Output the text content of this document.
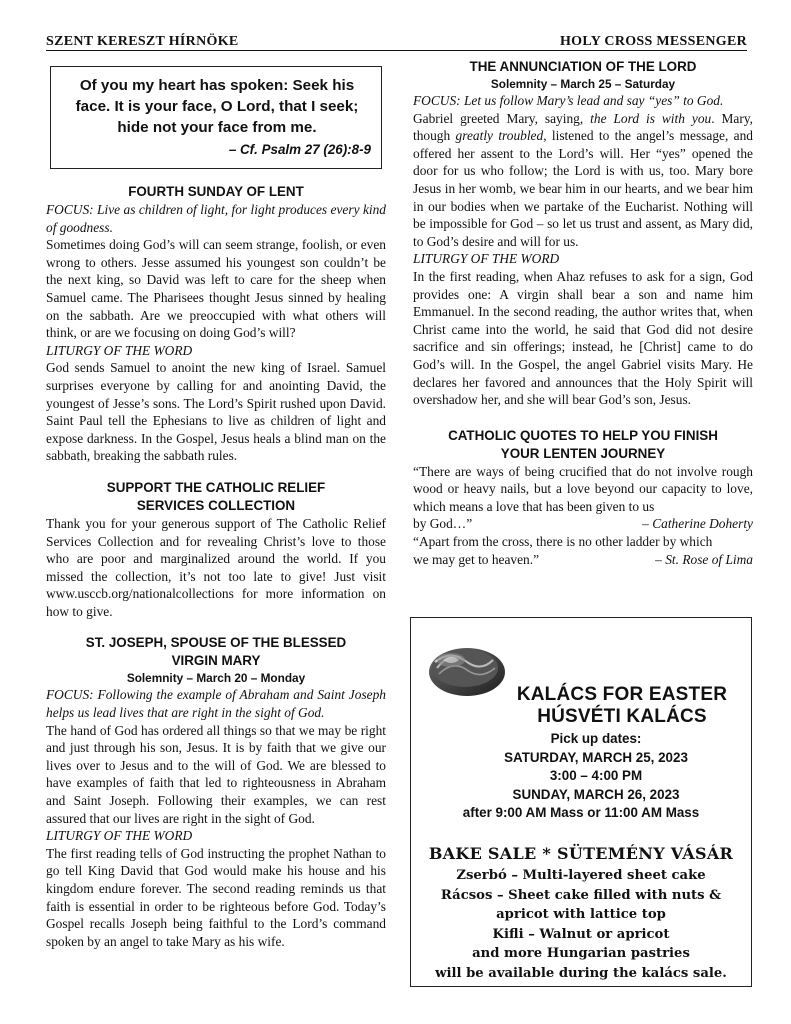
SZENT KERESZT HÍRNÖKE	HOLY CROSS MESSENGER
Of you my heart has spoken: Seek his
face. It is your face, O Lord, that I seek;
hide not your face from me.
– Cf. Psalm 27 (26):8-9
FOURTH SUNDAY OF LENT

FOCUS: Live as children of light, for light produces every kind of goodness.

Sometimes doing God’s will can seem strange, foolish, or even wrong to others. Jesse assumed his youngest son couldn’t be the next king, so David was left to care for the sheep when Samuel came. The Pharisees thought Jesus sinned by healing on the sabbath. Are we preoccupied with what others will think, or are we focusing on doing God’s will?

LITURGY OF THE WORD

God sends Samuel to anoint the new king of Israel. Samuel surprises everyone by calling for and anointing David, the youngest of Jesse’s sons. The Lord’s Spirit rushed upon David. Saint Paul tell the Ephesians to live as children of light and expose darkness. In the Gospel, Jesus heals a blind man on the sabbath, breaking the sabbath rules.

SUPPORT THE CATHOLIC RELIEF
SERVICES COLLECTION

Thank you for your generous support of The Catholic Relief Services Collection and for revealing Christ’s love to those who are poor and marginalized around the world. If you missed the collection, it’s not too late to give! Just visit www.usccb.org/nationalcollections for more information on how to give.

ST. JOSEPH, SPOUSE OF THE BLESSED
VIRGIN MARY
Solemnity – March 20 – Monday

FOCUS: Following the example of Abraham and Saint Joseph helps us lead lives that are right in the sight of God.

The hand of God has ordered all things so that we may be right and just through his son, Jesus. It is by faith that we give our lives over to Jesus and to the will of God. We are blessed to have examples of faith that led to righteousness in Abraham and Saint Joseph. Following their examples, we can rest assured that our lives are right in the sight of God.

LITURGY OF THE WORD

The first reading tells of God instructing the prophet Nathan to go tell King David that God would make his house and his kingdom endure forever. The second reading reminds us that faith is essential in order to be righteous before God. Today’s Gospel recalls Joseph being faithful to the Lord’s command spoken by an angel to take Mary as his wife.

THE ANNUNCIATION OF THE LORD
Solemnity – March 25 – Saturday

FOCUS: Let us follow Mary’s lead and say “yes” to God.

Gabriel greeted Mary, saying, the Lord is with you. Mary, though greatly troubled, listened to the angel’s message, and offered her assent to the Lord’s will. Her “yes” opened the door for us who follow; the Lord is with us, too. Mary bore Jesus in her womb, we bear him in our hearts, and we bear him in our bodies when we partake of the Eucharist. Nothing will be impossible for God – so let us trust and assent, as Mary did, to God’s desire and will for us.

LITURGY OF THE WORD

In the first reading, when Ahaz refuses to ask for a sign, God provides one: A virgin shall bear a son and name him Emmanuel. In the second reading, the author writes that, when Christ came into the world, he said that God did not desire sacrifice and sin offerings; instead, he [Christ] came to do God’s will. In the Gospel, the angel Gabriel visits Mary. He declares her favored and announces that the Holy Spirit will overshadow her, and she will bear God’s son, Jesus.

CATHOLIC QUOTES TO HELP YOU FINISH
YOUR LENTEN JOURNEY

“There are ways of being crucified that do not involve rough wood or heavy nails, but a love beyond our capacity to love, which means a love that has been given to us

by God…”	– Catherine Doherty

“Apart from the cross, there is no other ladder by which

we may get to heaven.”	– St. Rose of Lima
KALÁCS FOR EASTER
HÚSVÉTI KALÁCS
Pick up dates:
SATURDAY, MARCH 25, 2023
3:00 – 4:00 PM
SUNDAY, MARCH 26, 2023
after 9:00 AM Mass or 11:00 AM Mass
BAKE SALE * SÜTEMÉNY VÁSÁR
Zserbó – Multi-layered sheet cake
Rácsos – Sheet cake filled with nuts &
apricot with lattice top
Kifli – Walnut or apricot
and more Hungarian pastries
will be available during the kalács sale.
